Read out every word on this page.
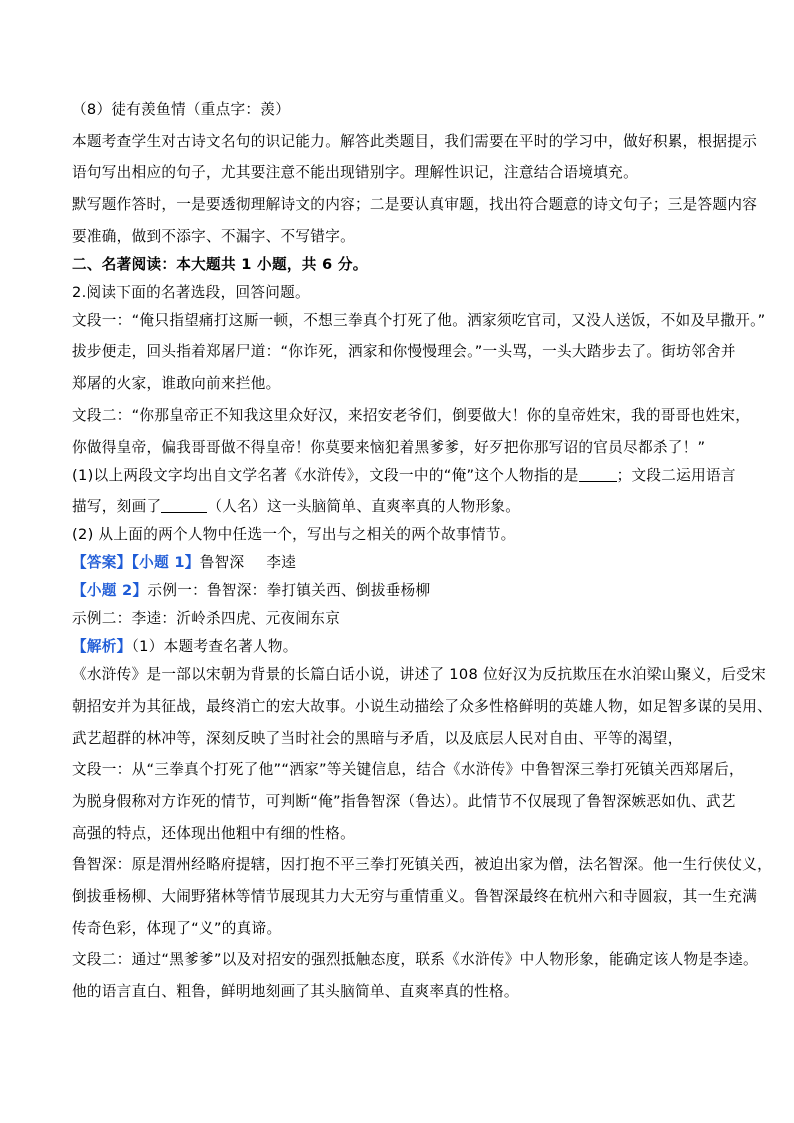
（8）徒有羡鱼情（重点字：羡）

本题考查学生对古诗文名句的识记能力。解答此类题目，我们需要在平时的学习中，做好积累，根据提示

语句写出相应的句子，尤其要注意不能出现错别字。理解性识记，注意结合语境填充。

默写题作答时，一是要透彻理解诗文的内容；二是要认真审题，找出符合题意的诗文句子；三是答题内容

要准确，做到不添字、不漏字、不写错字。

二、名著阅读：本大题共 1 小题，共 6 分。

2.阅读下面的名著选段，回答问题。

文段一：“俺只指望痛打这厮一顿，不想三拳真个打死了他。洒家须吃官司，又没人送饭，不如及早撒开。”

拔步便走，回头指着郑屠尸道：“你诈死，洒家和你慢慢理会。”一头骂，一头大踏步去了。街坊邻舍并

郑屠的火家，谁敢向前来拦他。

文段二：“你那皇帝正不知我这里众好汉，来招安老爷们，倒要做大！你的皇帝姓宋，我的哥哥也姓宋，

你做得皇帝，偏我哥哥做不得皇帝！你莫要来恼犯着黑爹爹，好歹把你那写诏的官员尽都杀了！”

(1)以上两段文字均出自文学名著《水浒传》，文段一中的“俺”这个人物指的是	；文段二运用语言

描写，刻画了	（人名）这一头脑简单、直爽率真的人物形象。

(2) 从上面的两个人物中任选一个，写出与之相关的两个故事情节。

【答案】【小题 1】鲁智深 李逵

【小题 2】示例一：鲁智深：拳打镇关西、倒拔垂杨柳

示例二：李逵：沂岭杀四虎、元夜闹东京

【解析】（1）本题考查名著人物。

《水浒传》是一部以宋朝为背景的长篇白话小说，讲述了 108 位好汉为反抗欺压在水泊梁山聚义，后受宋

朝招安并为其征战，最终消亡的宏大故事。小说生动描绘了众多性格鲜明的英雄人物，如足智多谋的吴用、

武艺超群的林冲等，深刻反映了当时社会的黑暗与矛盾，以及底层人民对自由、平等的渴望，

文段一：从“三拳真个打死了他”“洒家”等关键信息，结合《水浒传》中鲁智深三拳打死镇关西郑屠后，

为脱身假称对方诈死的情节，可判断“俺”指鲁智深（鲁达）。此情节不仅展现了鲁智深嫉恶如仇、武艺

高强的特点，还体现出他粗中有细的性格。

鲁智深：原是渭州经略府提辖，因打抱不平三拳打死镇关西，被迫出家为僧，法名智深。他一生行侠仗义，

倒拔垂杨柳、大闹野猪林等情节展现其力大无穷与重情重义。鲁智深最终在杭州六和寺圆寂，其一生充满

传奇色彩，体现了“义”的真谛。

文段二：通过“黑爹爹”以及对招安的强烈抵触态度，联系《水浒传》中人物形象，能确定该人物是李逵。

他的语言直白、粗鲁，鲜明地刻画了其头脑简单、直爽率真的性格。
